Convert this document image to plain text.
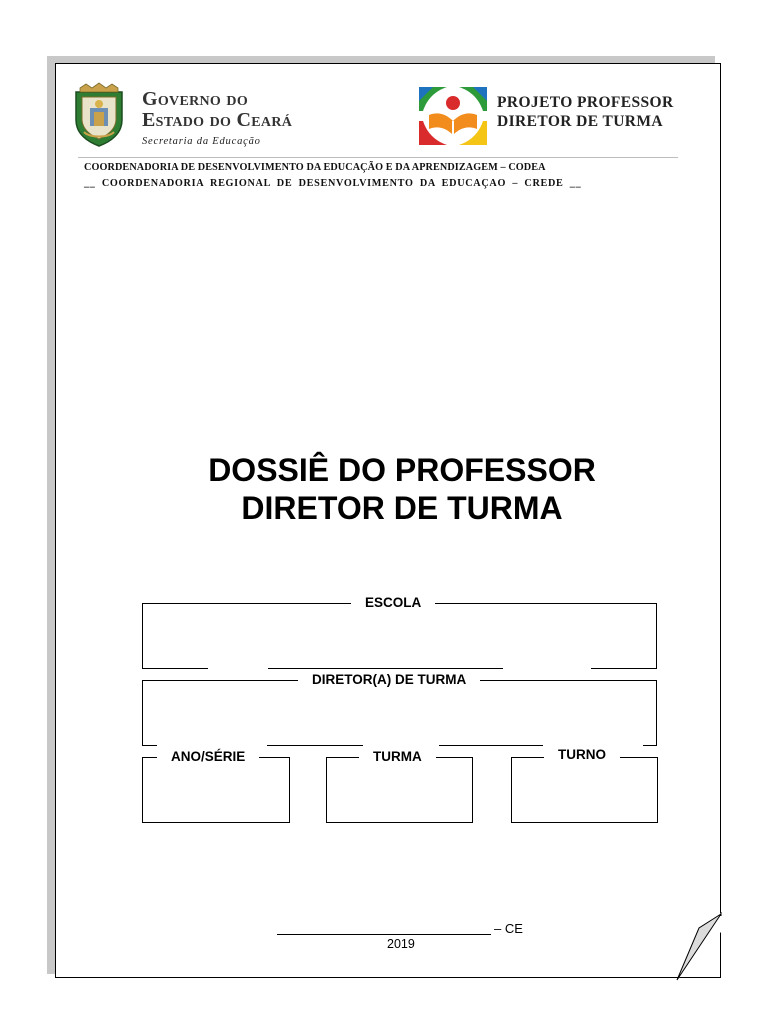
Governo do
Estado do Ceará
Secretaria da Educação
PROJETO PROFESSOR
DIRETOR DE TURMA
COORDENADORIA DE DESENVOLVIMENTO DA EDUCAÇÃO E DA APRENDIZAGEM – CODEA
__ COORDENADORIA REGIONAL DE DESENVOLVIMENTO DA EDUCAÇAO – CREDE __
DOSSIÊ DO PROFESSOR
DIRETOR DE TURMA
ESCOLA
DIRETOR(A) DE TURMA
ANO/SÉRIE	TURMA	TURNO
– CE
2019
